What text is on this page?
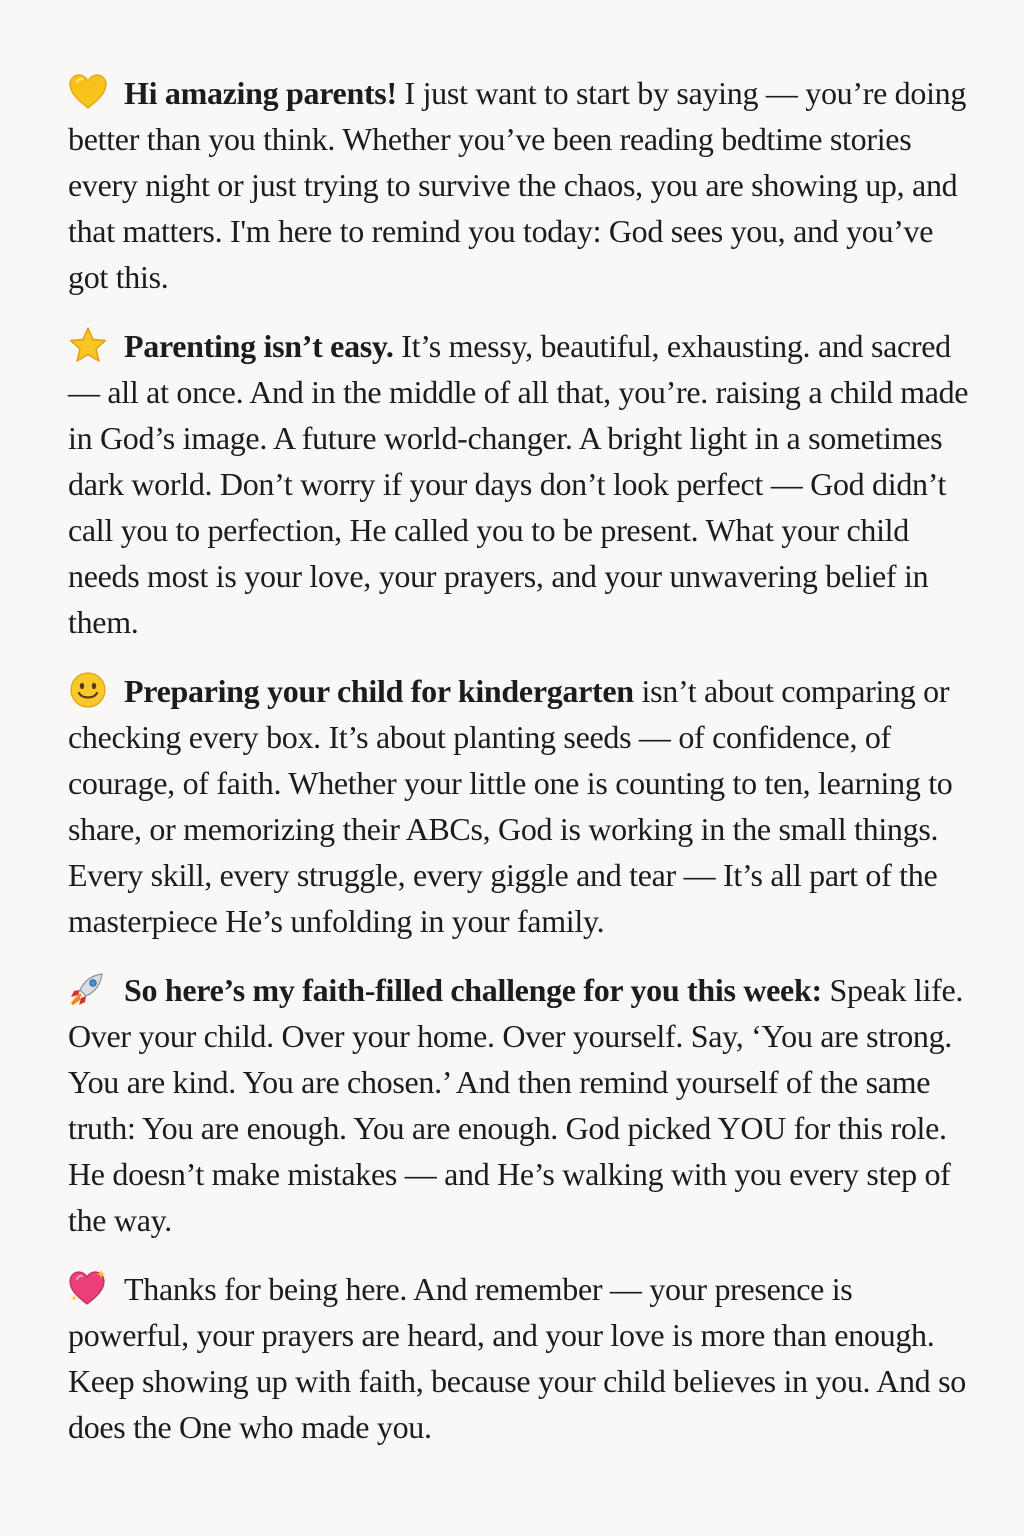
Hi amazing parents! I just want to start by saying — you’re doing better than you think. Whether you’ve been reading bedtime stories every night or just trying to survive the chaos, you are showing up, and that matters. I'm here to remind you today: God sees you, and you’ve got this.

Parenting isn’t easy. It’s messy, beautiful, exhausting. and sacred — all at once. And in the middle of all that, you’re. raising a child made in God’s image. A future world-changer. A bright light in a sometimes dark world. Don’t worry if your days don’t look perfect — God didn’t call you to perfection, He called you to be present. What your child needs most is your love, your prayers, and your unwavering belief in them.

Preparing your child for kindergarten isn’t about comparing or checking every box. It’s about planting seeds — of confidence, of courage, of faith. Whether your little one is counting to ten, learning to share, or memorizing their ABCs, God is working in the small things. Every skill, every struggle, every giggle and tear — It’s all part of the masterpiece He’s unfolding in your family.

So here’s my faith-filled challenge for you this week: Speak life. Over your child. Over your home. Over yourself. Say, ‘You are strong. You are kind. You are chosen.’ And then remind yourself of the same truth: You are enough. You are enough. God picked YOU for this role. He doesn’t make mistakes — and He’s walking with you every step of the way.

Thanks for being here. And remember — your presence is powerful, your prayers are heard, and your love is more than enough. Keep showing up with faith, because your child believes in you. And so does the One who made you.
